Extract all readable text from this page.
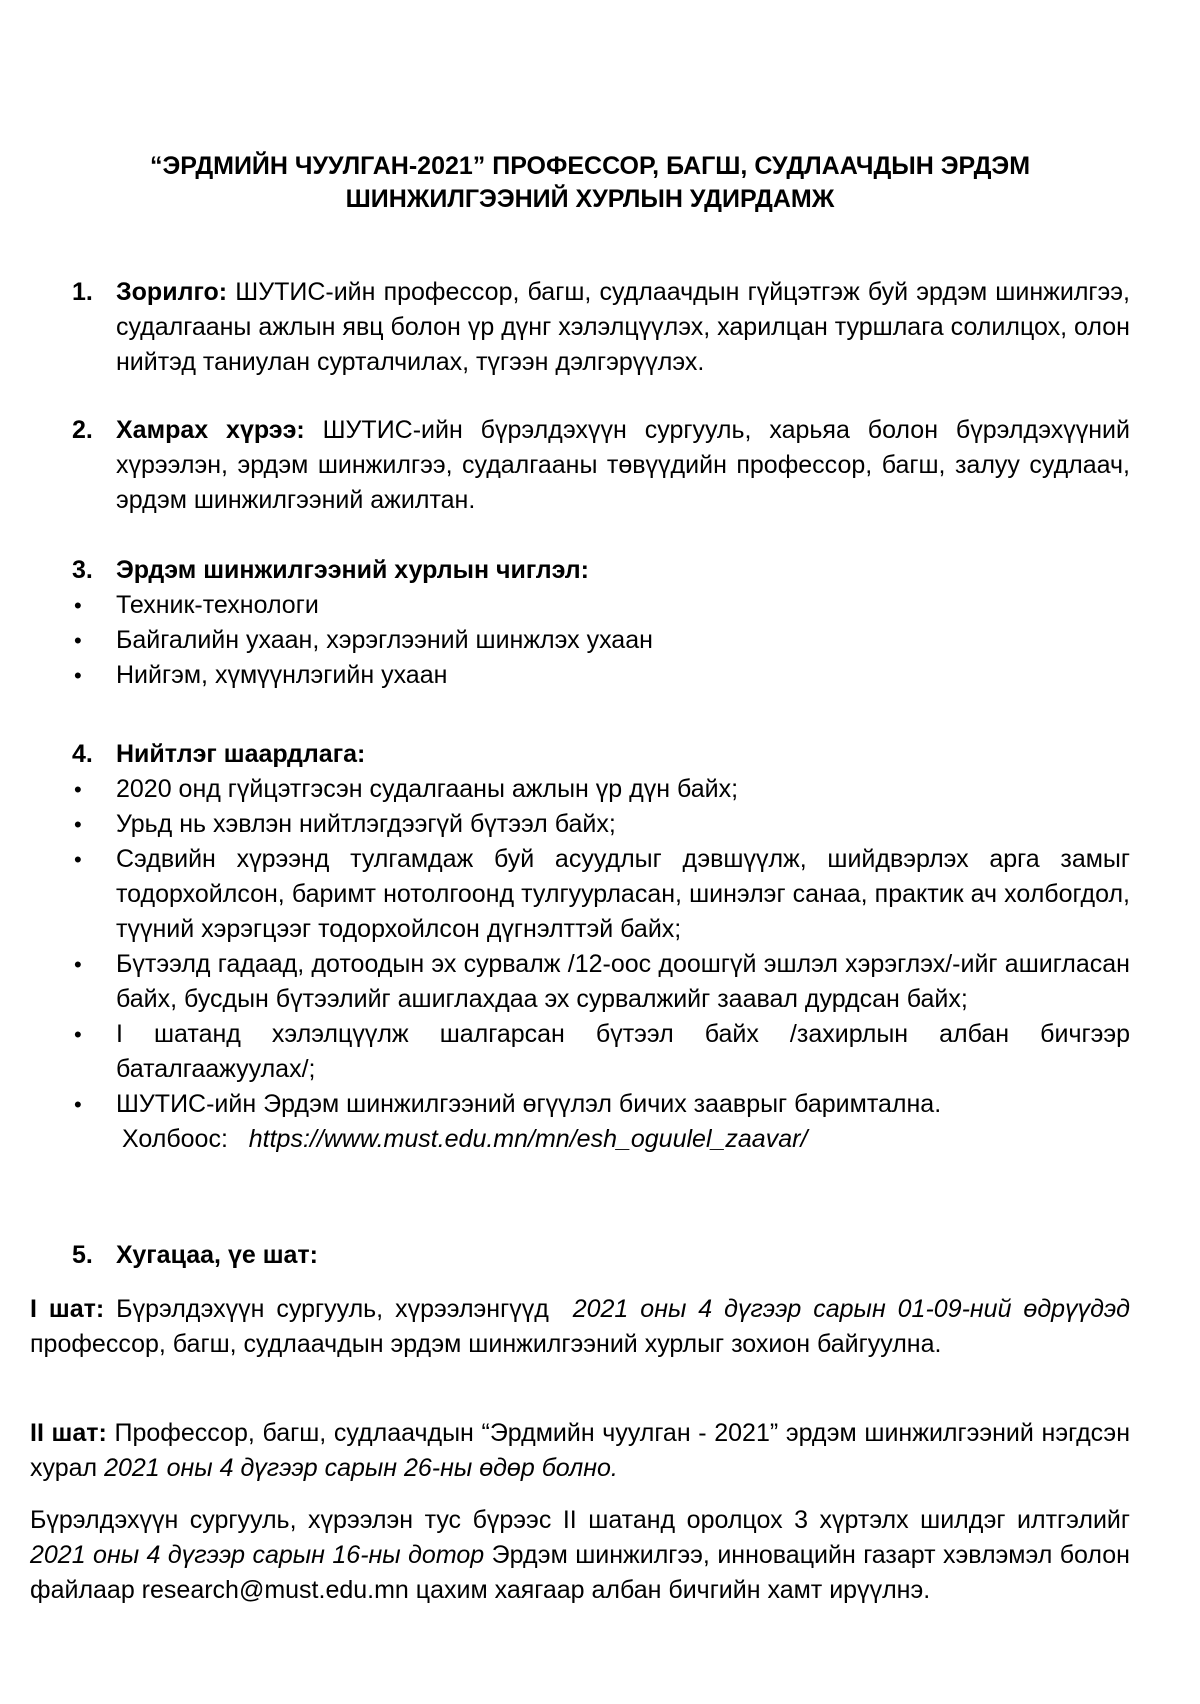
“ЭРДМИЙН ЧУУЛГАН-2021” ПРОФЕССОР, БАГШ, СУДЛААЧДЫН ЭРДЭМ
ШИНЖИЛГЭЭНИЙ ХУРЛЫН УДИРДАМЖ
1. Зорилго: ШУТИС-ийн профессор, багш, судлаачдын гүйцэтгэж буй эрдэм шинжилгээ, судалгааны ажлын явц болон үр дүнг хэлэлцүүлэх, харилцан туршлага солилцох, олон нийтэд таниулан сурталчилах, түгээн дэлгэрүүлэх.
2. Хамрах хүрээ: ШУТИС-ийн бүрэлдэхүүн сургууль, харьяа болон бүрэлдэхүүний хүрээлэн, эрдэм шинжилгээ, судалгааны төвүүдийн профессор, багш, залуу судлаач, эрдэм шинжилгээний ажилтан.
3. Эрдэм шинжилгээний хурлын чиглэл:
• Техник-технологи
• Байгалийн ухаан, хэрэглээний шинжлэх ухаан
• Нийгэм, хүмүүнлэгийн ухаан
4. Нийтлэг шаардлага:
• 2020 онд гүйцэтгэсэн судалгааны ажлын үр дүн байх;
• Урьд нь хэвлэн нийтлэгдээгүй бүтээл байх;
• Сэдвийн хүрээнд тулгамдаж буй асуудлыг дэвшүүлж, шийдвэрлэх арга замыг тодорхойлсон, баримт нотолгоонд тулгуурласан, шинэлэг санаа, практик ач холбогдол, түүний хэрэгцээг тодорхойлсон дүгнэлттэй байх;
• Бүтээлд гадаад, дотоодын эх сурвалж /12-оос доошгүй эшлэл хэрэглэх/-ийг ашигласан байх, бусдын бүтээлийг ашиглахдаа эх сурвалжийг заавал дурдсан байх;
• I шатанд хэлэлцүүлж шалгарсан бүтээл байх /захирлын албан бичгээр баталгаажуулах/;
• ШУТИС-ийн Эрдэм шинжилгээний өгүүлэл бичих зааврыг баримтална.
Холбоос: https://www.must.edu.mn/mn/esh_oguulel_zaavar/
5. Хугацаа, үе шат:
I шат: Бүрэлдэхүүн сургууль, хүрээлэнгүүд 2021 оны 4 дүгээр сарын 01-09-ний өдрүүдэд профессор, багш, судлаачдын эрдэм шинжилгээний хурлыг зохион байгуулна.
II шат: Профессор, багш, судлаачдын “Эрдмийн чуулган - 2021” эрдэм шинжилгээний нэгдсэн хурал 2021 оны 4 дүгээр сарын 26-ны өдөр болно.
Бүрэлдэхүүн сургууль, хүрээлэн тус бүрээс II шатанд оролцох 3 хүртэлх шилдэг илтгэлийг 2021 оны 4 дүгээр сарын 16-ны дотор Эрдэм шинжилгээ, инновацийн газарт хэвлэмэл болон файлаар research@must.edu.mn цахим хаягаар албан бичгийн хамт ирүүлнэ.
